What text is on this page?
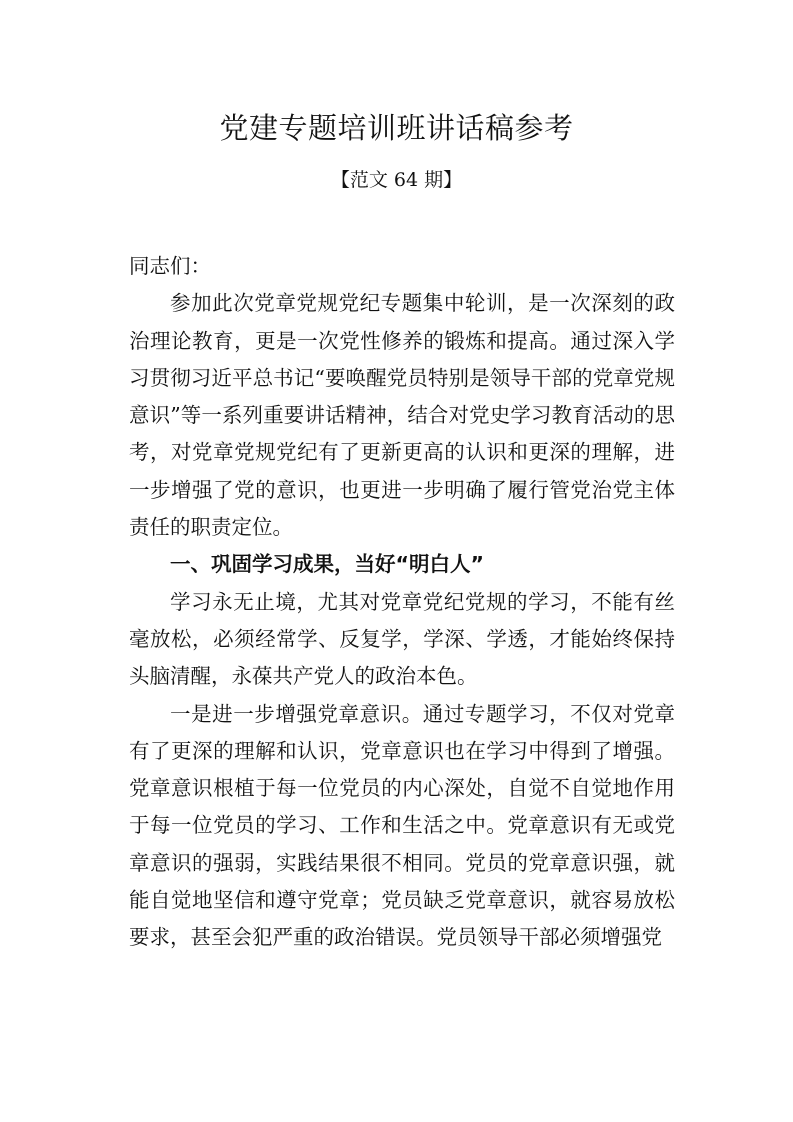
党建专题培训班讲话稿参考
【范文 64 期】

同志们：

参加此次党章党规党纪专题集中轮训，是一次深刻的政治理论教育，更是一次党性修养的锻炼和提高。通过深入学习贯彻习近平总书记“要唤醒党员特别是领导干部的党章党规意识”等一系列重要讲话精神，结合对党史学习教育活动的思考，对党章党规党纪有了更新更高的认识和更深的理解，进一步增强了党的意识，也更进一步明确了履行管党治党主体责任的职责定位。

一、巩固学习成果，当好“明白人”

学习永无止境，尤其对党章党纪党规的学习，不能有丝毫放松，必须经常学、反复学，学深、学透，才能始终保持头脑清醒，永葆共产党人的政治本色。

一是进一步增强党章意识。通过专题学习，不仅对党章有了更深的理解和认识，党章意识也在学习中得到了增强。党章意识根植于每一位党员的内心深处，自觉不自觉地作用于每一位党员的学习、工作和生活之中。党章意识有无或党章意识的强弱，实践结果很不相同。党员的党章意识强，就能自觉地坚信和遵守党章；党员缺乏党章意识，就容易放松要求，甚至会犯严重的政治错误。党员领导干部必须增强党
